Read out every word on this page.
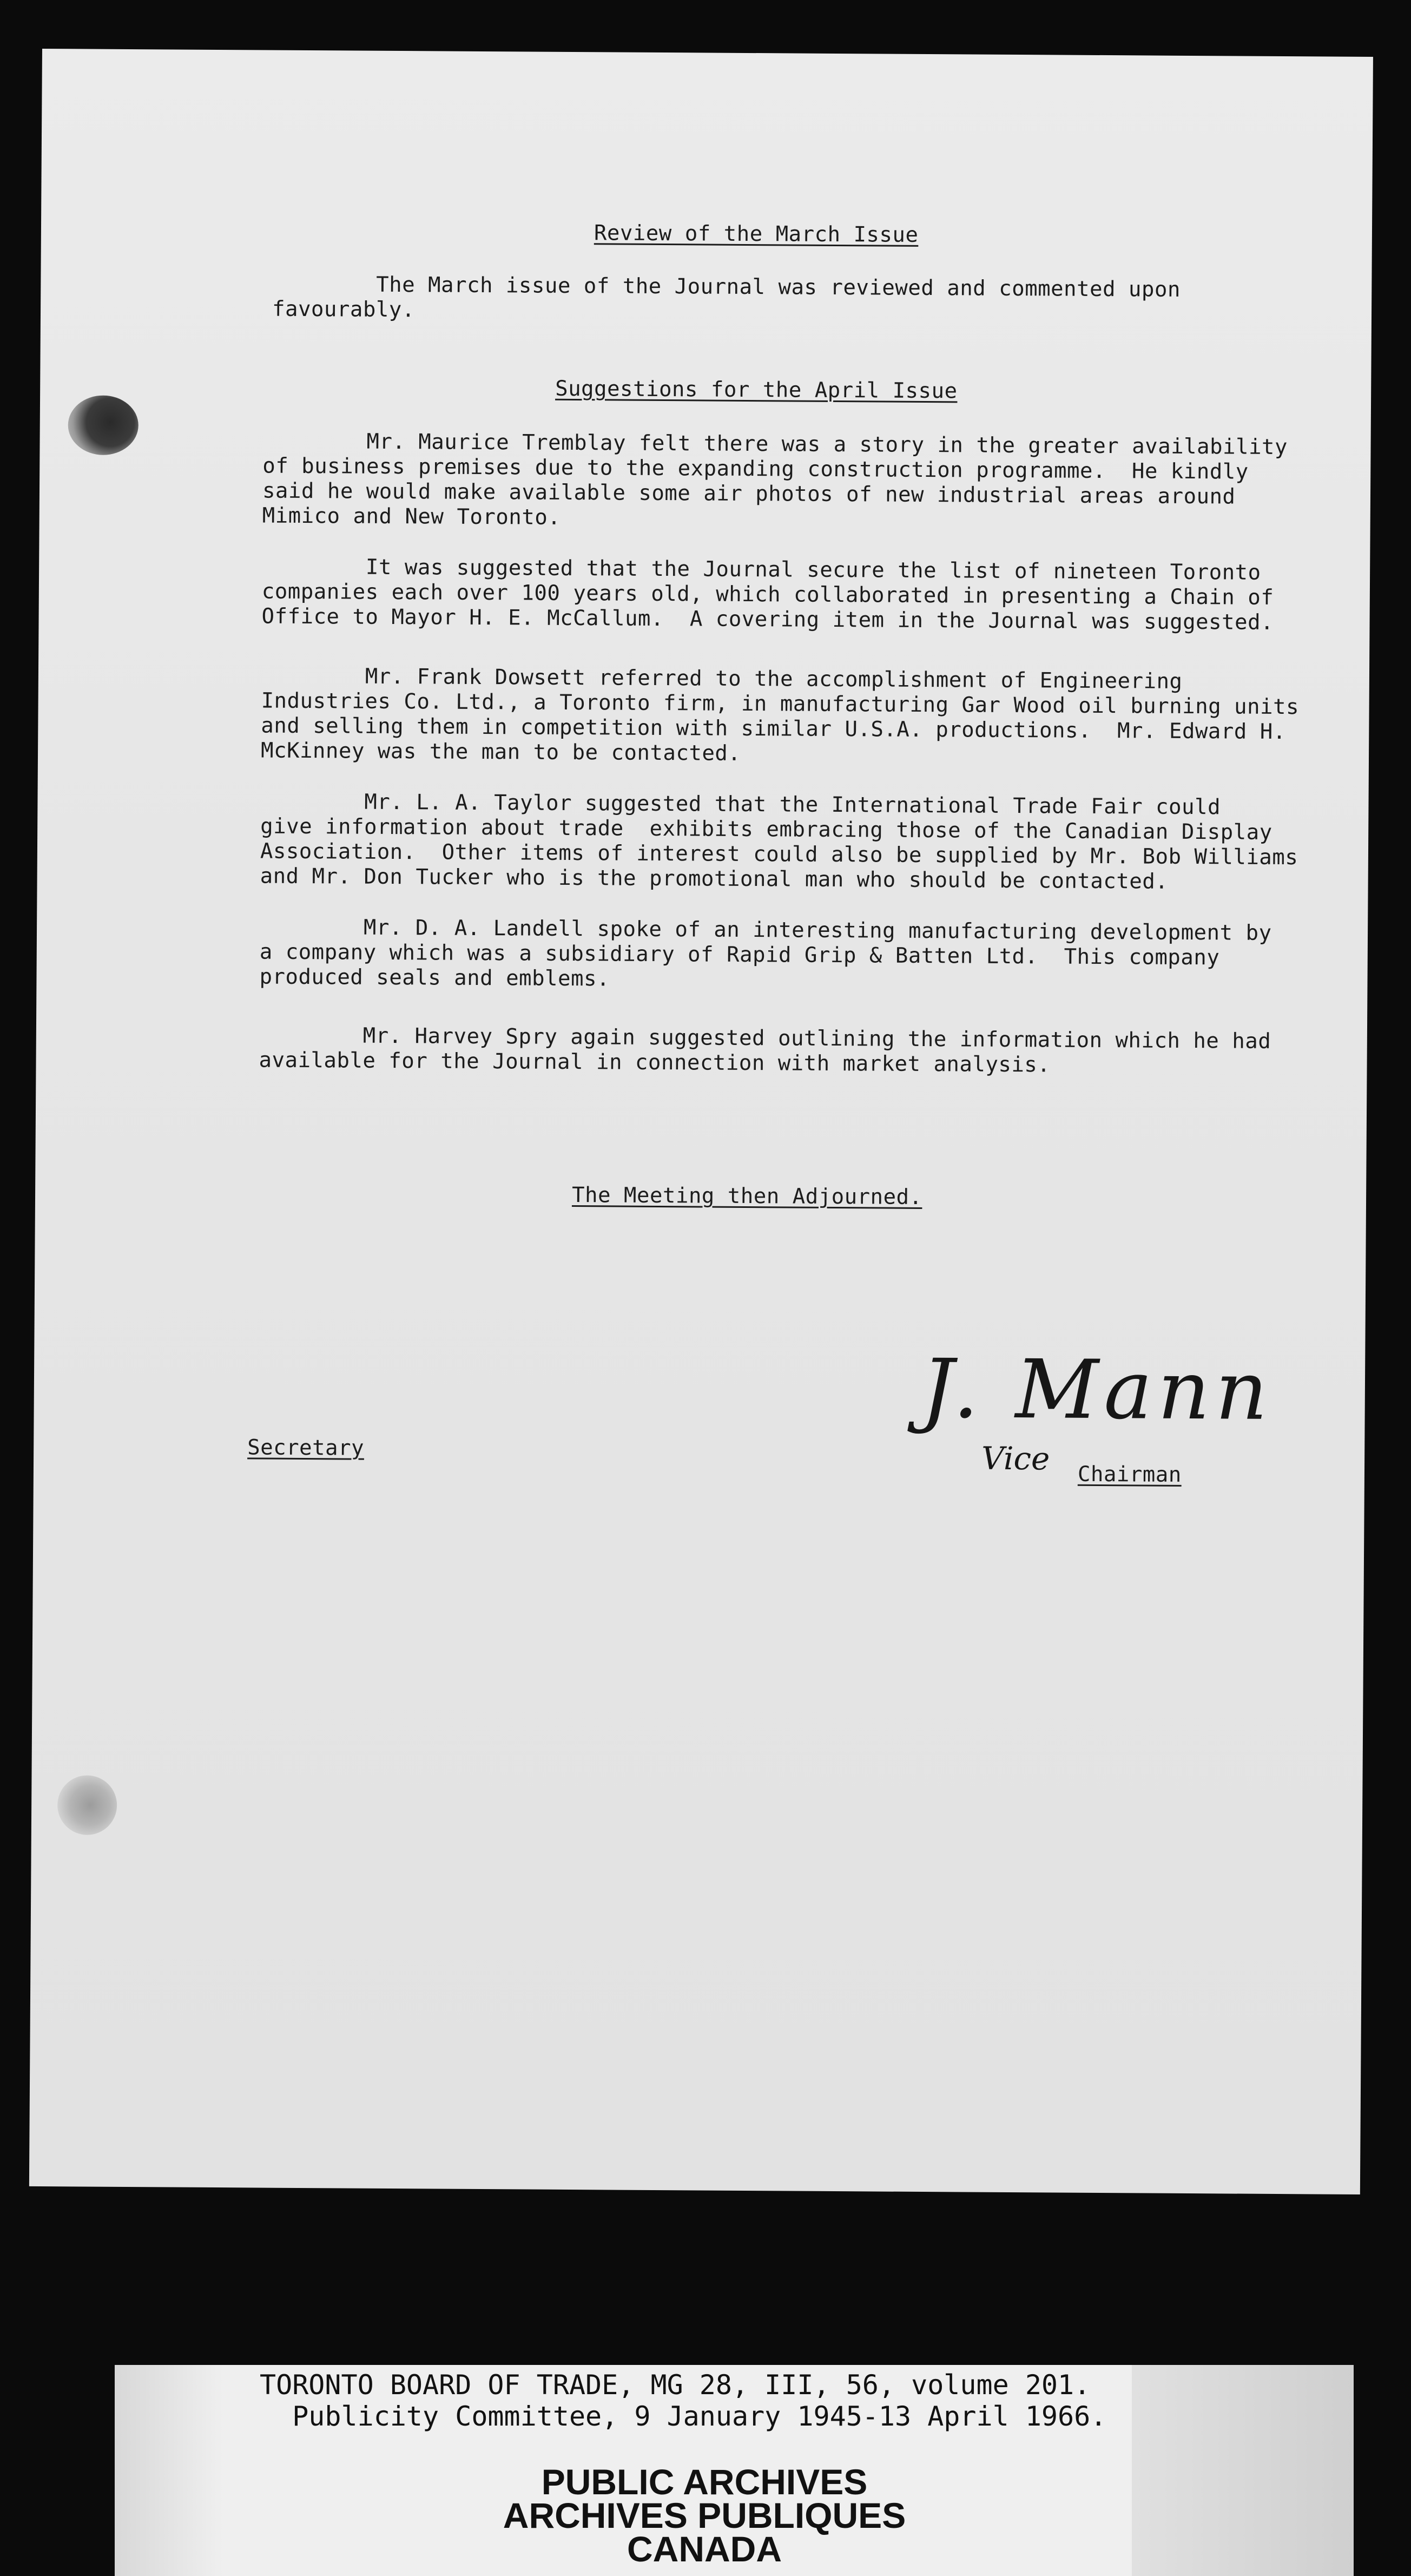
Review of the March Issue
The March issue of the Journal was reviewed and commented upon
favourably.
Suggestions for the April Issue
Mr. Maurice Tremblay felt there was a story in the greater availability
of business premises due to the expanding construction programme.  He kindly
said he would make available some air photos of new industrial areas around
Mimico and New Toronto.
It was suggested that the Journal secure the list of nineteen Toronto
companies each over 100 years old, which collaborated in presenting a Chain of
Office to Mayor H. E. McCallum.  A covering item in the Journal was suggested.
Mr. Frank Dowsett referred to the accomplishment of Engineering
Industries Co. Ltd., a Toronto firm, in manufacturing Gar Wood oil burning units
and selling them in competition with similar U.S.A. productions.  Mr. Edward H.
McKinney was the man to be contacted.
Mr. L. A. Taylor suggested that the International Trade Fair could
give information about trade  exhibits embracing those of the Canadian Display
Association.  Other items of interest could also be supplied by Mr. Bob Williams
and Mr. Don Tucker who is the promotional man who should be contacted.
Mr. D. A. Landell spoke of an interesting manufacturing development by
a company which was a subsidiary of Rapid Grip & Batten Ltd.  This company
produced seals and emblems.
Mr. Harvey Spry again suggested outlining the information which he had
available for the Journal in connection with market analysis.
The Meeting then Adjourned.
J. Mann
Secretary	Vice Chairman
TORONTO BOARD OF TRADE, MG 28, III, 56, volume 201.
Publicity Committee, 9 January 1945-13 April 1966.
PUBLIC ARCHIVES
ARCHIVES PUBLIQUES
CANADA
